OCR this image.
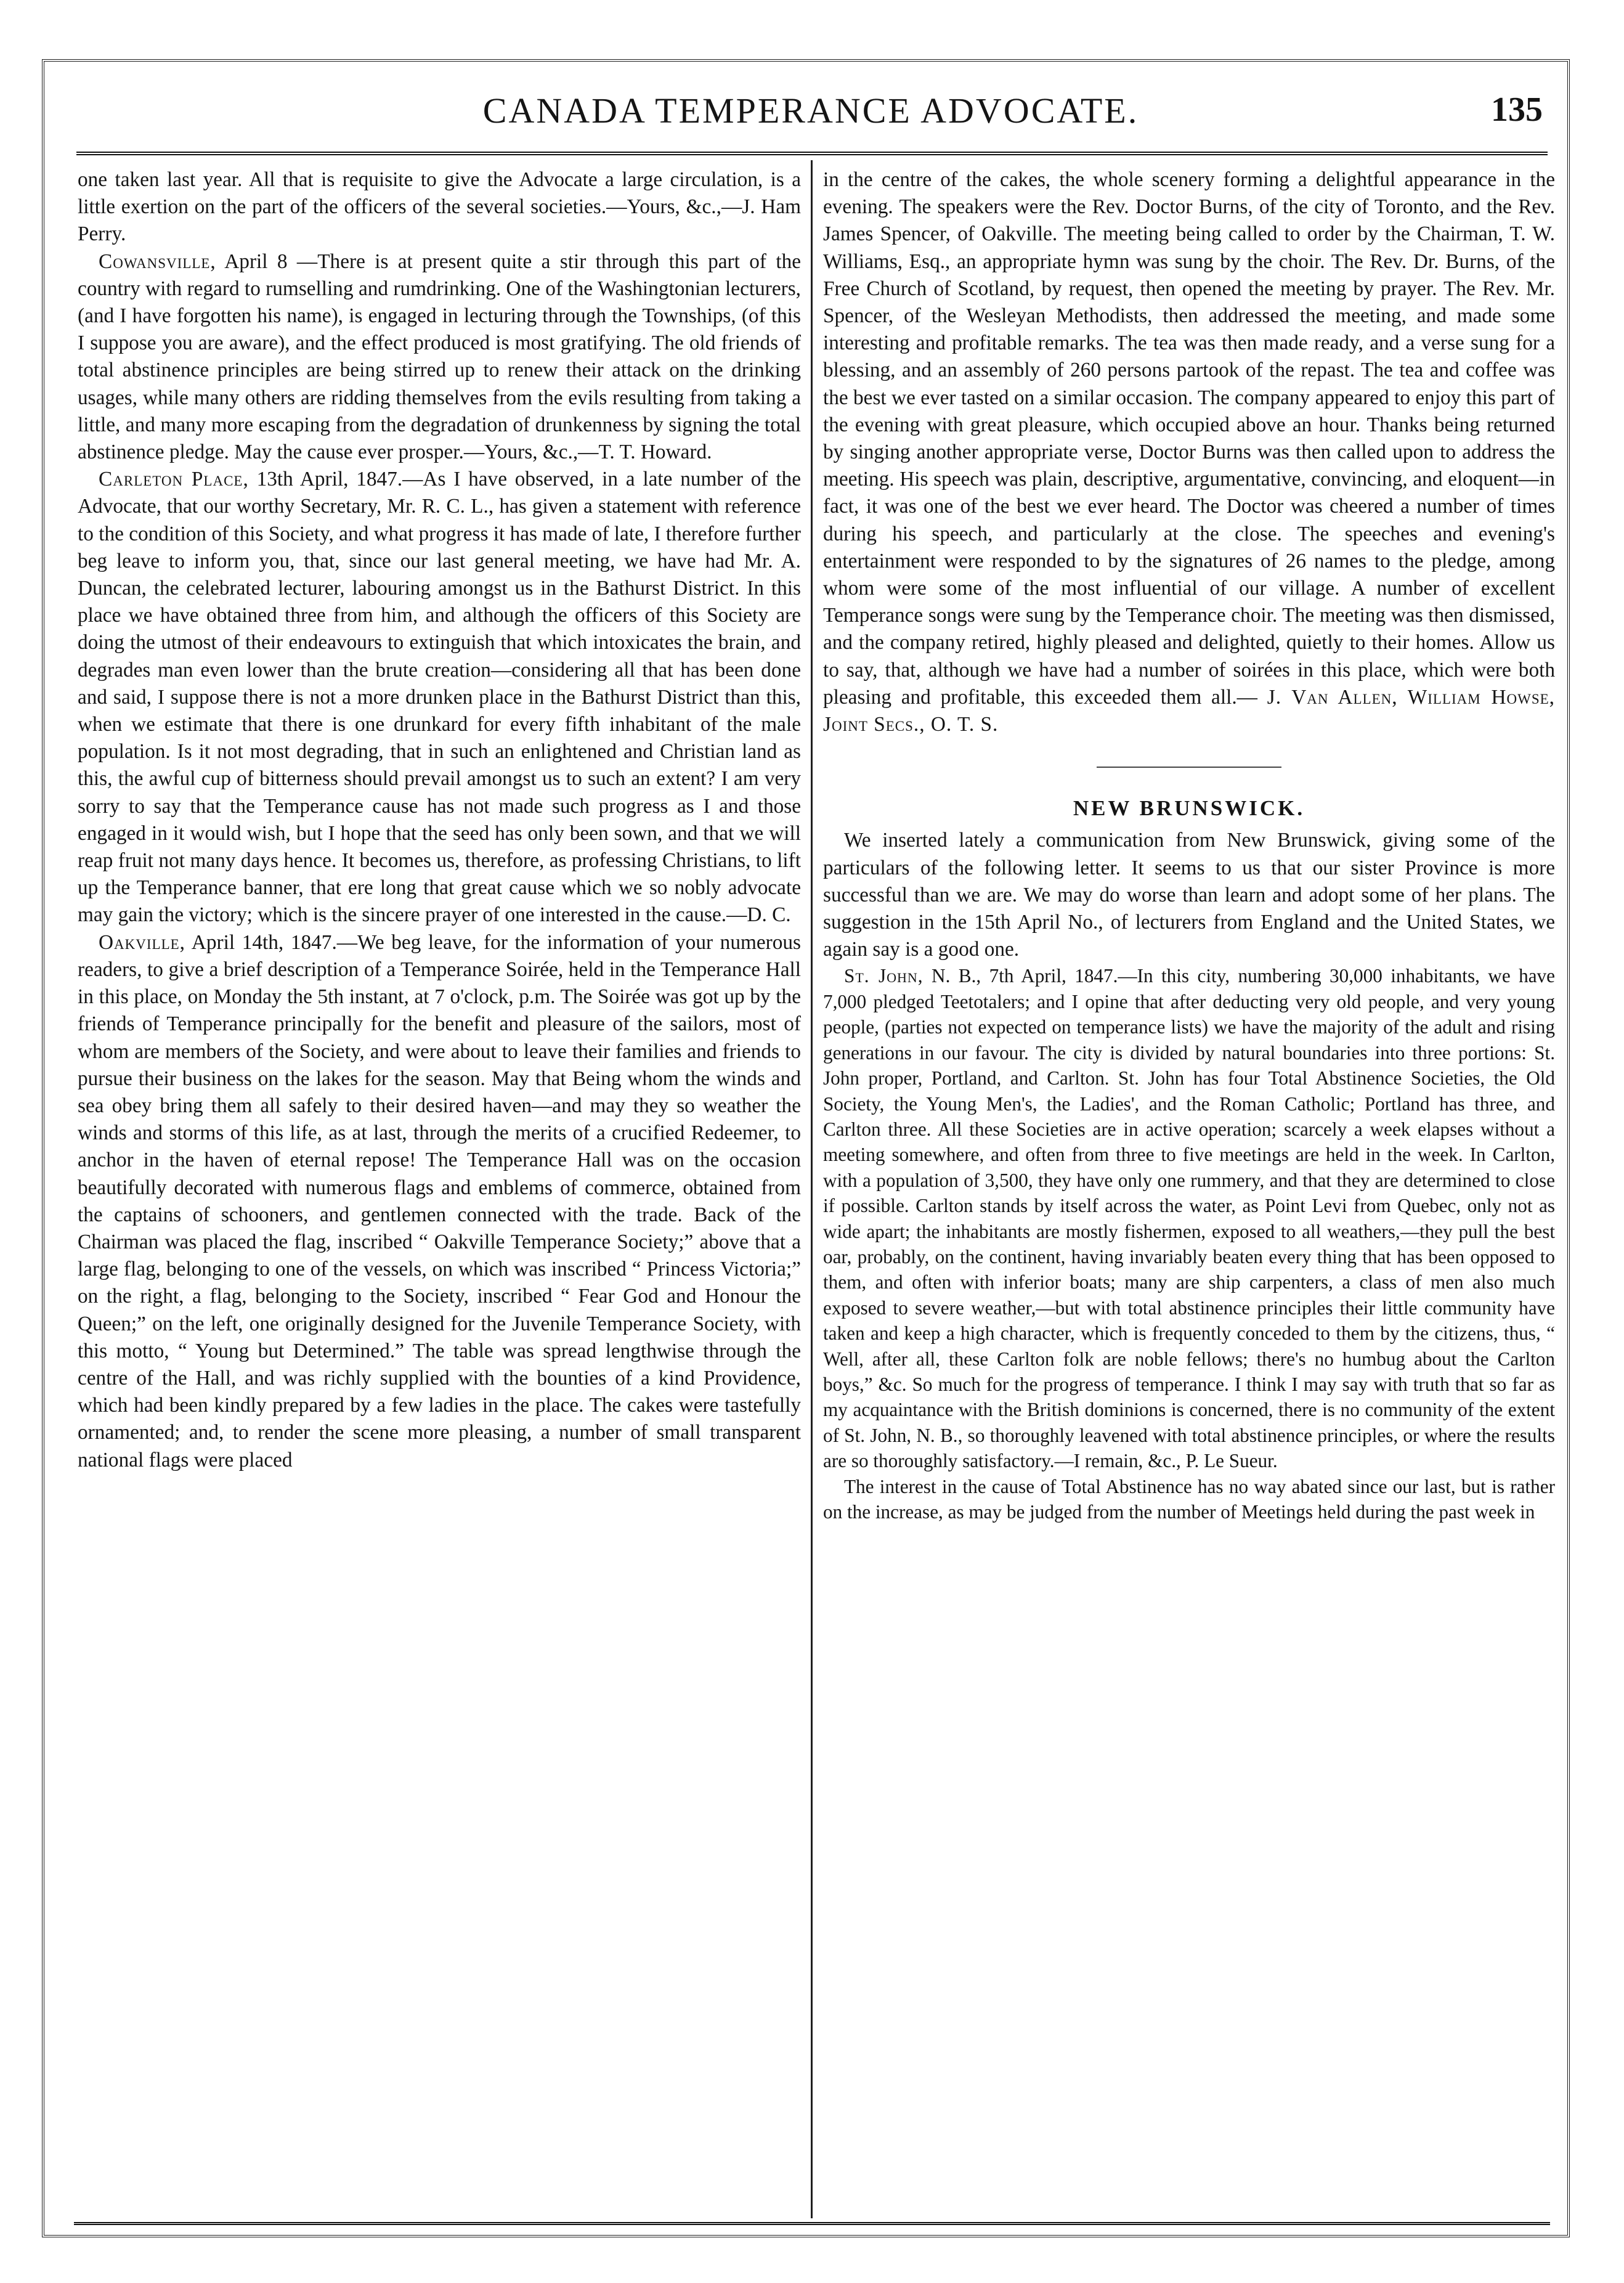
CANADA TEMPERANCE ADVOCATE.	135

one taken last year. All that is requisite to give the Advocate a large circulation, is a little exertion on the part of the officers of the several societies.—Yours, &c.,—J. Ham Perry.

Cowansville, April 8 —There is at present quite a stir through this part of the country with regard to rumselling and rumdrinking. One of the Washingtonian lecturers, (and I have forgotten his name), is engaged in lecturing through the Townships, (of this I suppose you are aware), and the effect produced is most gratifying. The old friends of total abstinence principles are being stirred up to renew their attack on the drinking usages, while many others are ridding themselves from the evils resulting from taking a little, and many more escaping from the degradation of drunkenness by signing the total abstinence pledge. May the cause ever prosper.—Yours, &c.,—T. T. Howard.

Carleton Place, 13th April, 1847.—As I have observed, in a late number of the Advocate, that our worthy Secretary, Mr. R. C. L., has given a statement with reference to the condition of this Society, and what progress it has made of late, I therefore further beg leave to inform you, that, since our last general meeting, we have had Mr. A. Duncan, the celebrated lecturer, labouring amongst us in the Bathurst District. In this place we have obtained three from him, and although the officers of this Society are doing the utmost of their endeavours to extinguish that which intoxicates the brain, and degrades man even lower than the brute creation—considering all that has been done and said, I suppose there is not a more drunken place in the Bathurst District than this, when we estimate that there is one drunkard for every fifth inhabitant of the male population. Is it not most degrading, that in such an enlightened and Christian land as this, the awful cup of bitterness should prevail amongst us to such an extent? I am very sorry to say that the Temperance cause has not made such progress as I and those engaged in it would wish, but I hope that the seed has only been sown, and that we will reap fruit not many days hence. It becomes us, therefore, as professing Christians, to lift up the Temperance banner, that ere long that great cause which we so nobly advocate may gain the victory; which is the sincere prayer of one interested in the cause.—D. C.

Oakville, April 14th, 1847.—We beg leave, for the information of your numerous readers, to give a brief description of a Temperance Soirée, held in the Temperance Hall in this place, on Monday the 5th instant, at 7 o'clock, p.m. The Soirée was got up by the friends of Temperance principally for the benefit and pleasure of the sailors, most of whom are members of the Society, and were about to leave their families and friends to pursue their business on the lakes for the season. May that Being whom the winds and sea obey bring them all safely to their desired haven—and may they so weather the winds and storms of this life, as at last, through the merits of a crucified Redeemer, to anchor in the haven of eternal repose! The Temperance Hall was on the occasion beautifully decorated with numerous flags and emblems of commerce, obtained from the captains of schooners, and gentlemen connected with the trade. Back of the Chairman was placed the flag, inscribed “ Oakville Temperance Society;” above that a large flag, belonging to one of the vessels, on which was inscribed “ Princess Victoria;” on the right, a flag, belonging to the Society, inscribed “ Fear God and Honour the Queen;” on the left, one originally designed for the Juvenile Temperance Society, with this motto, “ Young but Determined.” The table was spread lengthwise through the centre of the Hall, and was richly supplied with the bounties of a kind Providence, which had been kindly prepared by a few ladies in the place. The cakes were tastefully ornamented; and, to render the scene more pleasing, a number of small transparent national flags were placed

in the centre of the cakes, the whole scenery forming a delightful appearance in the evening. The speakers were the Rev. Doctor Burns, of the city of Toronto, and the Rev. James Spencer, of Oakville. The meeting being called to order by the Chairman, T. W. Williams, Esq., an appropriate hymn was sung by the choir. The Rev. Dr. Burns, of the Free Church of Scotland, by request, then opened the meeting by prayer. The Rev. Mr. Spencer, of the Wesleyan Methodists, then addressed the meeting, and made some interesting and profitable remarks. The tea was then made ready, and a verse sung for a blessing, and an assembly of 260 persons partook of the repast. The tea and coffee was the best we ever tasted on a similar occasion. The company appeared to enjoy this part of the evening with great pleasure, which occupied above an hour. Thanks being returned by singing another appropriate verse, Doctor Burns was then called upon to address the meeting. His speech was plain, descriptive, argumentative, convincing, and eloquent—in fact, it was one of the best we ever heard. The Doctor was cheered a number of times during his speech, and particularly at the close. The speeches and evening's entertainment were responded to by the signatures of 26 names to the pledge, among whom were some of the most influential of our village. A number of excellent Temperance songs were sung by the Temperance choir. The meeting was then dismissed, and the company retired, highly pleased and delighted, quietly to their homes. Allow us to say, that, although we have had a number of soirées in this place, which were both pleasing and profitable, this exceeded them all.— J. Van Allen, William Howse, Joint Secs., O. T. S.

NEW BRUNSWICK.

We inserted lately a communication from New Brunswick, giving some of the particulars of the following letter. It seems to us that our sister Province is more successful than we are. We may do worse than learn and adopt some of her plans. The suggestion in the 15th April No., of lecturers from England and the United States, we again say is a good one.

St. John, N. B., 7th April, 1847.—In this city, numbering 30,000 inhabitants, we have 7,000 pledged Teetotalers; and I opine that after deducting very old people, and very young people, (parties not expected on temperance lists) we have the majority of the adult and rising generations in our favour. The city is divided by natural boundaries into three portions: St. John proper, Portland, and Carlton. St. John has four Total Abstinence Societies, the Old Society, the Young Men's, the Ladies', and the Roman Catholic; Portland has three, and Carlton three. All these Societies are in active operation; scarcely a week elapses without a meeting somewhere, and often from three to five meetings are held in the week. In Carlton, with a population of 3,500, they have only one rummery, and that they are determined to close if possible. Carlton stands by itself across the water, as Point Levi from Quebec, only not as wide apart; the inhabitants are mostly fishermen, exposed to all weathers,—they pull the best oar, probably, on the continent, having invariably beaten every thing that has been opposed to them, and often with inferior boats; many are ship carpenters, a class of men also much exposed to severe weather,—but with total abstinence principles their little community have taken and keep a high character, which is frequently conceded to them by the citizens, thus, “ Well, after all, these Carlton folk are noble fellows; there's no humbug about the Carlton boys,” &c. So much for the progress of temperance. I think I may say with truth that so far as my acquaintance with the British dominions is concerned, there is no community of the extent of St. John, N. B., so thoroughly leavened with total abstinence principles, or where the results are so thoroughly satisfactory.—I remain, &c., P. Le Sueur.

The interest in the cause of Total Abstinence has no way abated since our last, but is rather on the increase, as may be judged from the number of Meetings held during the past week in
